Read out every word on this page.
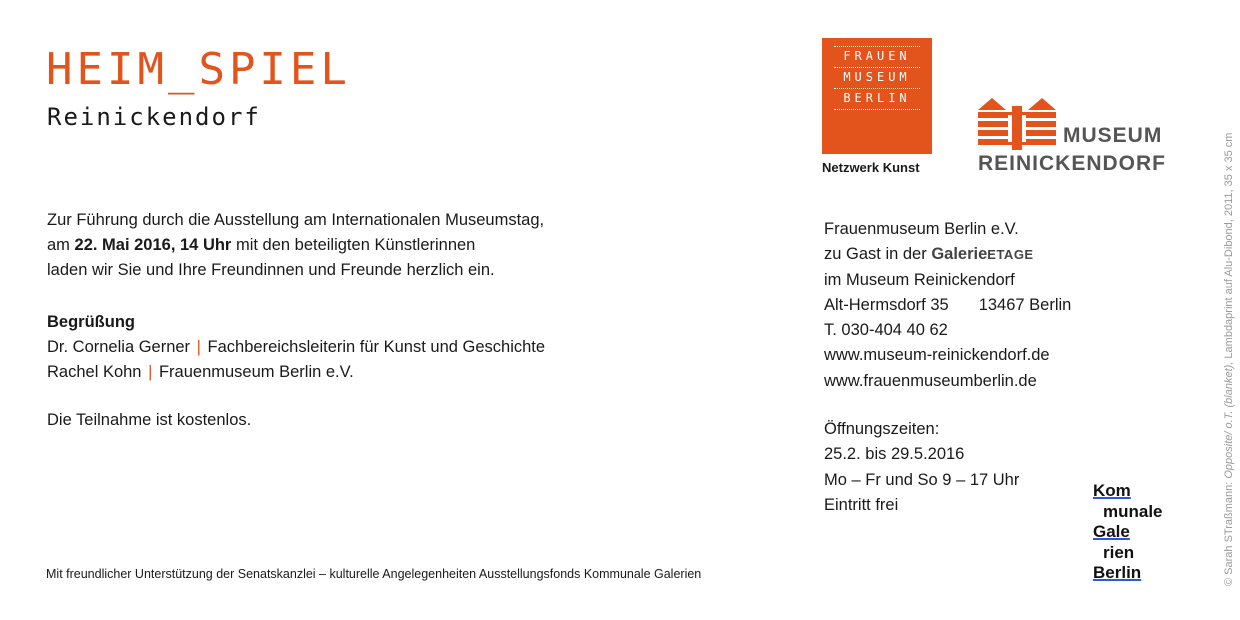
HEIM_SPIEL
Reinickendorf

Zur Führung durch die Ausstellung am Internationalen Museumstag,

am 22. Mai 2016, 14 Uhr mit den beteiligten Künstlerinnen

laden wir Sie und Ihre Freundinnen und Freunde herzlich ein.

Begrüßung
Dr. Cornelia Gerner | Fachbereichsleiterin für Kunst und Geschichte
Rachel Kohn | Frauenmuseum Berlin e.V.
Die Teilnahme ist kostenlos.
Mit freundlicher Unterstützung der Senatskanzlei – kulturelle Angelegenheiten Ausstellungsfonds Kommunale Galerien
FRAUEN
MUSEUM
BERLIN
Netzwerk Kunst
MUSEUM
REINICKENDORF
Frauenmuseum Berlin e.V.
zu Gast in der GalerieETAGE
im Museum Reinickendorf
Alt-Hermsdorf 35 13467 Berlin
T. 030-404 40 62
www.museum-reinickendorf.de
www.frauenmuseumberlin.de
Öffnungszeiten:
25.2. bis 29.5.2016
Mo – Fr und So 9 – 17 Uhr
Eintritt frei
Kom
munale
Gale
rien
Berlin	© Sarah STraßmann: Opposite/ o.T. (blanket), Lambdaprint auf Alu-Dibond, 2011, 35 x 35 cm
